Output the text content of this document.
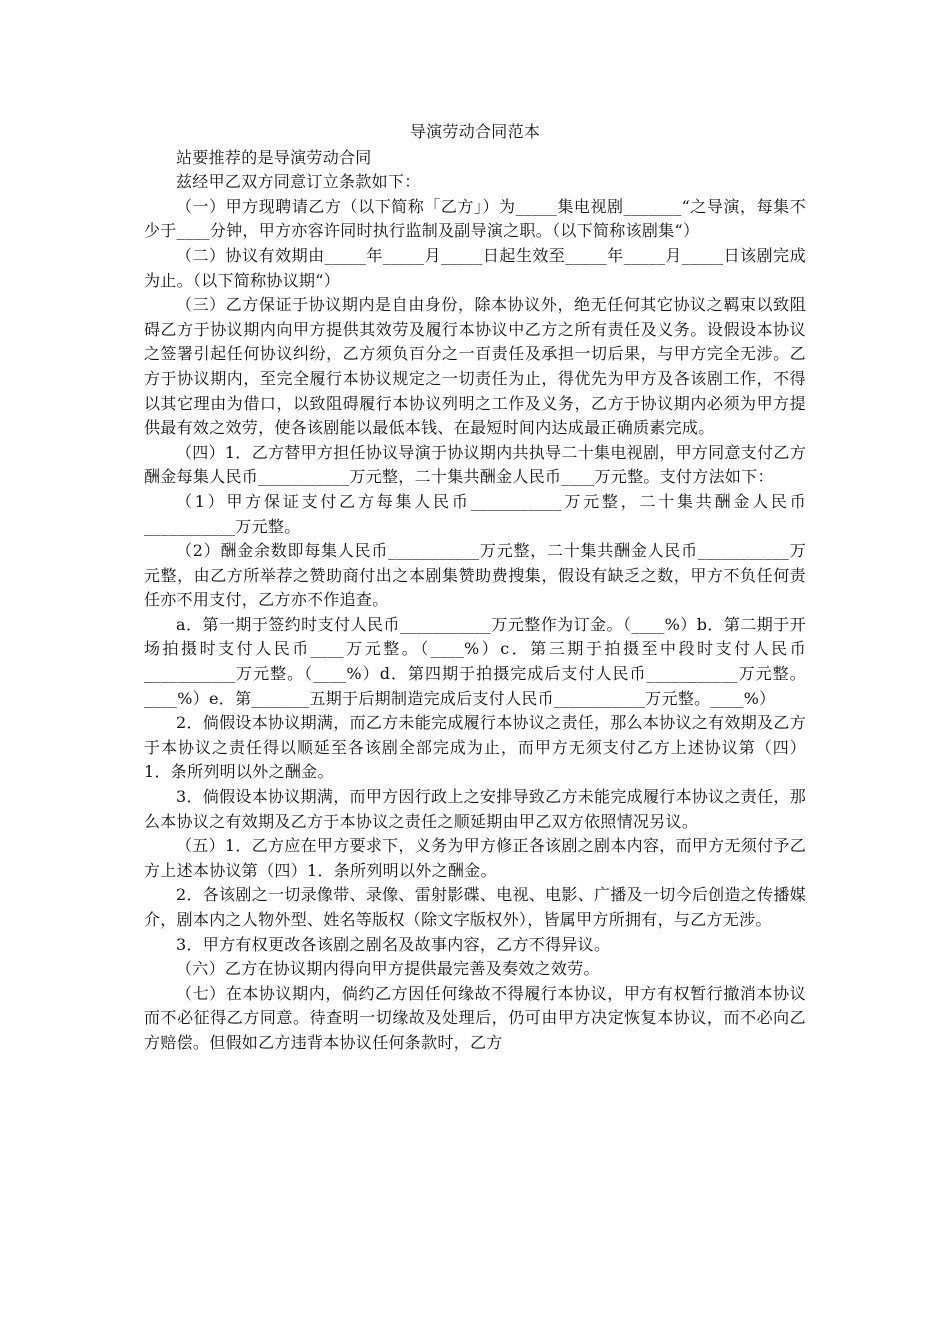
导演劳动合同范本

站要推荐的是导演劳动合同

兹经甲乙双方同意订立条款如下：

（一）甲方现聘请乙方（以下简称「乙方」）为_____集电视剧_______“之导演，每集不少于____分钟，甲方亦容许同时执行监制及副导演之职。（以下简称该剧集“）

（二）协议有效期由_____年_____月_____日起生效至_____年_____月_____日该剧完成为止。（以下简称协议期“）

（三）乙方保证于协议期内是自由身份，除本协议外，绝无任何其它协议之羁束以致阻碍乙方于协议期内向甲方提供其效劳及履行本协议中乙方之所有责任及义务。设假设本协议之签署引起任何协议纠纷，乙方须负百分之一百责任及承担一切后果，与甲方完全无涉。乙方于协议期内，至完全履行本协议规定之一切责任为止，得优先为甲方及各该剧工作，不得以其它理由为借口，以致阻碍履行本协议列明之工作及义务，乙方于协议期内必须为甲方提供最有效之效劳，使各该剧能以最低本钱、在最短时间内达成最正确质素完成。

（四）1．乙方替甲方担任协议导演于协议期内共执导二十集电视剧，甲方同意支付乙方酬金每集人民币___________万元整，二十集共酬金人民币____万元整。支付方法如下：

（1）甲方保证支付乙方每集人民币___________万元整，二十集共酬金人民币___________万元整。

（2）酬金余数即每集人民币___________万元整，二十集共酬金人民币___________万元整，由乙方所举荐之赞助商付出之本剧集赞助费搜集，假设有缺乏之数，甲方不负任何责任亦不用支付，乙方亦不作追查。

a．第一期于签约时支付人民币___________万元整作为订金。（____%）b．第二期于开场拍摄时支付人民币____万元整。（____%）c．第三期于拍摄至中段时支付人民币___________万元整。（____%）d．第四期于拍摄完成后支付人民币___________万元整。____%）e．第_______五期于后期制造完成后支付人民币___________万元整。____%）

2．倘假设本协议期满，而乙方未能完成履行本协议之责任，那么本协议之有效期及乙方于本协议之责任得以顺延至各该剧全部完成为止，而甲方无须支付乙方上述协议第（四）1．条所列明以外之酬金。

3．倘假设本协议期满，而甲方因行政上之安排导致乙方未能完成履行本协议之责任，那么本协议之有效期及乙方于本协议之责任之顺延期由甲乙双方依照情况另议。

（五）1．乙方应在甲方要求下，义务为甲方修正各该剧之剧本内容，而甲方无须付予乙方上述本协议第（四）1．条所列明以外之酬金。

2．各该剧之一切录像带、录像、雷射影碟、电视、电影、广播及一切今后创造之传播媒介，剧本内之人物外型、姓名等版权（除文字版权外），皆属甲方所拥有，与乙方无涉。

3．甲方有权更改各该剧之剧名及故事内容，乙方不得异议。

（六）乙方在协议期内得向甲方提供最完善及奏效之效劳。

（七）在本协议期内，倘约乙方因任何缘故不得履行本协议，甲方有权暂行撤消本协议而不必征得乙方同意。待查明一切缘故及处理后，仍可由甲方决定恢复本协议，而不必向乙方赔偿。但假如乙方违背本协议任何条款时，乙方
